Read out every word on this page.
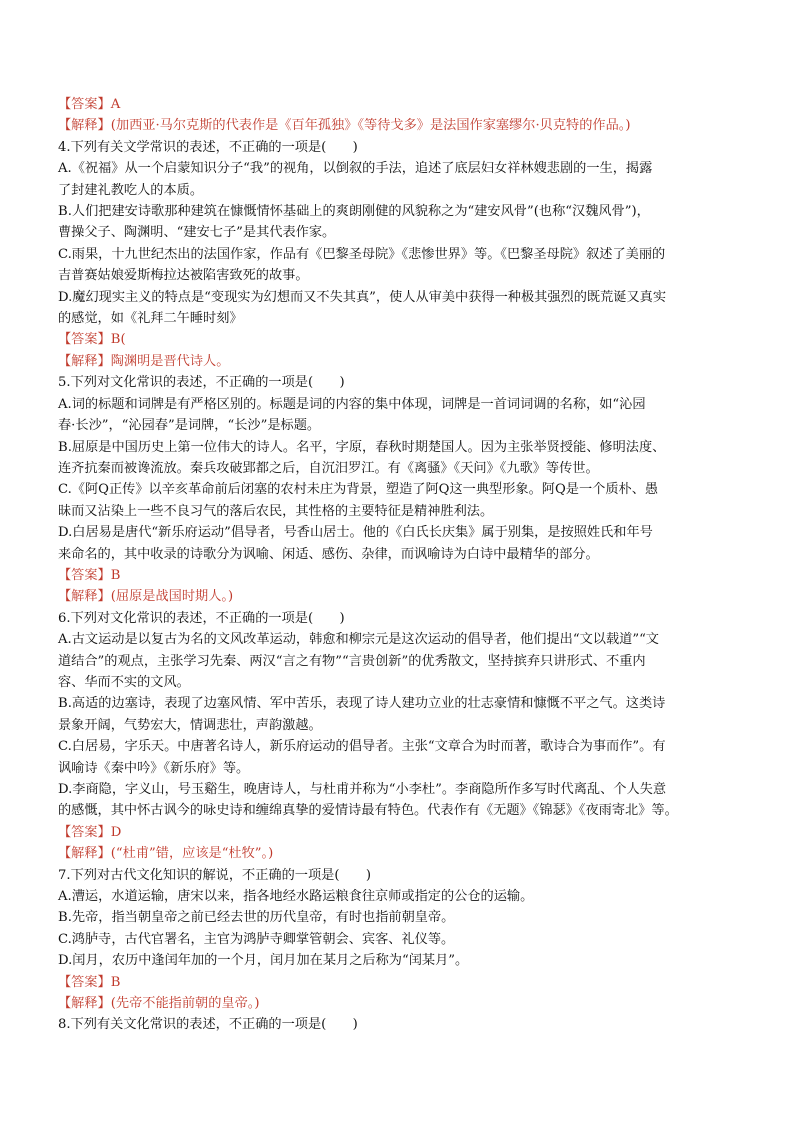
【答案】A
【解释】(加西亚·马尔克斯的代表作是《百年孤独》《等待戈多》是法国作家塞缪尔·贝克特的作品。)
4.下列有关文学常识的表述，不正确的一项是(　　)
A.《祝福》从一个启蒙知识分子“我”的视角，以倒叙的手法，追述了底层妇女祥林嫂悲剧的一生，揭露
了封建礼教吃人的本质。
B.人们把建安诗歌那种建筑在慷慨情怀基础上的爽朗刚健的风貌称之为“建安风骨”(也称“汉魏风骨”)，
曹操父子、陶渊明、“建安七子”是其代表作家。
C.雨果，十九世纪杰出的法国作家，作品有《巴黎圣母院》《悲惨世界》等。《巴黎圣母院》叙述了美丽的
吉普赛姑娘爱斯梅拉达被陷害致死的故事。
D.魔幻现实主义的特点是“变现实为幻想而又不失其真”，使人从审美中获得一种极其强烈的既荒诞又真实
的感觉，如《礼拜二午睡时刻》
【答案】B(
【解释】陶渊明是晋代诗人。
5.下列对文化常识的表述，不正确的一项是(　　)
A.词的标题和词牌是有严格区别的。标题是词的内容的集中体现，词牌是一首词词调的名称，如“沁园
春·长沙”，“沁园春”是词牌，“长沙”是标题。
B.屈原是中国历史上第一位伟大的诗人。名平，字原，春秋时期楚国人。因为主张举贤授能、修明法度、
连齐抗秦而被谗流放。秦兵攻破郢都之后，自沉汨罗江。有《离骚》《天问》《九歌》等传世。
C.《阿Q正传》以辛亥革命前后闭塞的农村未庄为背景，塑造了阿Q这一典型形象。阿Q是一个质朴、愚
昧而又沾染上一些不良习气的落后农民，其性格的主要特征是精神胜利法。
D.白居易是唐代“新乐府运动”倡导者，号香山居士。他的《白氏长庆集》属于别集，是按照姓氏和年号
来命名的，其中收录的诗歌分为讽喻、闲适、感伤、杂律，而讽喻诗为白诗中最精华的部分。
【答案】B
【解释】(屈原是战国时期人。)
6.下列对文化常识的表述，不正确的一项是(　　)
A.古文运动是以复古为名的文风改革运动，韩愈和柳宗元是这次运动的倡导者，他们提出“文以载道”“文
道结合”的观点，主张学习先秦、两汉“言之有物”“言贵创新”的优秀散文，坚持摈弃只讲形式、不重内
容、华而不实的文风。
B.高适的边塞诗，表现了边塞风情、军中苦乐，表现了诗人建功立业的壮志豪情和慷慨不平之气。这类诗
景象开阔，气势宏大，情调悲壮，声韵激越。
C.白居易，字乐天。中唐著名诗人，新乐府运动的倡导者。主张“文章合为时而著，歌诗合为事而作”。有
讽喻诗《秦中吟》《新乐府》等。
D.李商隐，字义山，号玉谿生，晚唐诗人，与杜甫并称为“小李杜”。李商隐所作多写时代离乱、个人失意
的感慨，其中怀古讽今的咏史诗和缠绵真挚的爱情诗最有特色。代表作有《无题》《锦瑟》《夜雨寄北》等。
【答案】D
【解释】(“杜甫”错，应该是“杜牧”。)
7.下列对古代文化知识的解说，不正确的一项是(　　)
A.漕运，水道运输，唐宋以来，指各地经水路运粮食往京师或指定的公仓的运输。
B.先帝，指当朝皇帝之前已经去世的历代皇帝，有时也指前朝皇帝。
C.鸿胪寺，古代官署名，主官为鸿胪寺卿掌管朝会、宾客、礼仪等。
D.闰月，农历中逢闰年加的一个月，闰月加在某月之后称为“闰某月”。
【答案】B
【解释】(先帝不能指前朝的皇帝。)
8.下列有关文化常识的表述，不正确的一项是(　　)
